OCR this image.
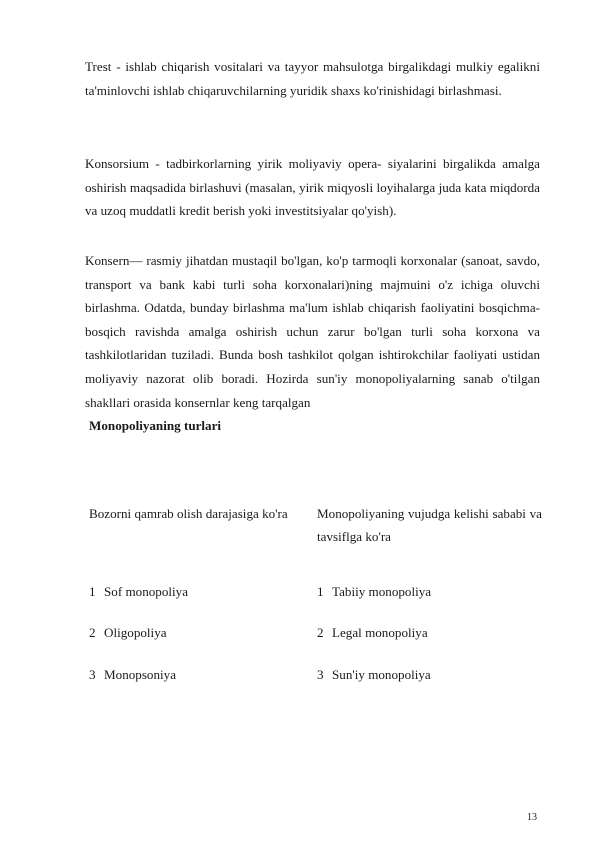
Trest - ishlab chiqarish vositalari va tayyor mahsulotga birgalikdagi mulkiy egalikni ta'minlovchi ishlab chiqaruvchilarning yuridik shaxs ko'rinishidagi birlashmasi.
Konsorsium - tadbirkorlarning yirik moliyaviy opera- siyalarini birgalikda amalga oshirish maqsadida birlashuvi (masalan, yirik miqyosli loyihalarga juda kata miqdorda va uzoq muddatli kredit berish yoki investitsiyalar qo'yish).
Konsern— rasmiy jihatdan mustaqil bo'lgan, ko'p tarmoqli korxonalar (sanoat, savdo, transport va bank kabi turli soha korxonalari)ning majmuini o'z ichiga oluvchi birlashma. Odatda, bunday birlashma ma'lum ishlab chiqarish faoliyatini bosqichma-bosqich ravishda amalga oshirish uchun zarur bo'lgan turli soha korxona va tashkilotlaridan tuziladi. Bunda bosh tashkilot qolgan ishtirokchilar faoliyati ustidan moliyaviy nazorat olib boradi. Hozirda sun'iy monopoliyalarning sanab o'tilgan shakllari orasida konsernlar keng tarqalgan
Monopoliyaning turlari
Bozorni qamrab olish darajasiga ko'ra	Monopoliyaning vujudga kelishi sababi va tavsiflga ko'ra
1 Sof monopoliya
2 Oligopoliya
3 Monopsoniya
1 Tabiiy monopoliya
2 Legal monopoliya
3 Sun'iy monopoliya
13
